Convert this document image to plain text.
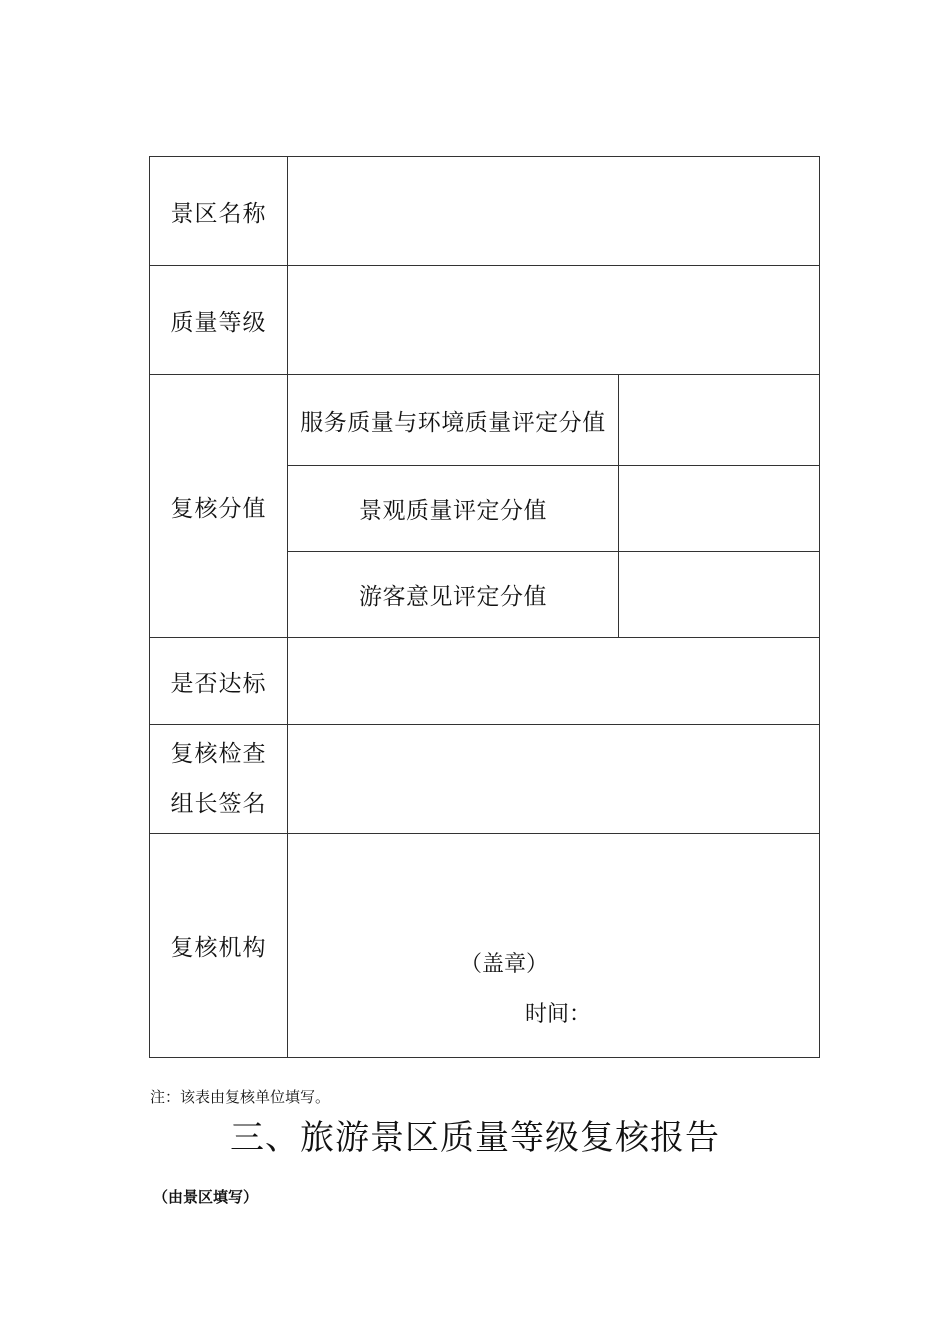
景区名称		
质量等级		
复核分值	服务质量与环境质量评定分值	
	景观质量评定分值	
	游客意见评定分值	
是否达标		

复核检查
组长签名		

复核机构	（盖章）
时间：	
注：该表由复核单位填写。
三、旅游景区质量等级复核报告
（由景区填写）
